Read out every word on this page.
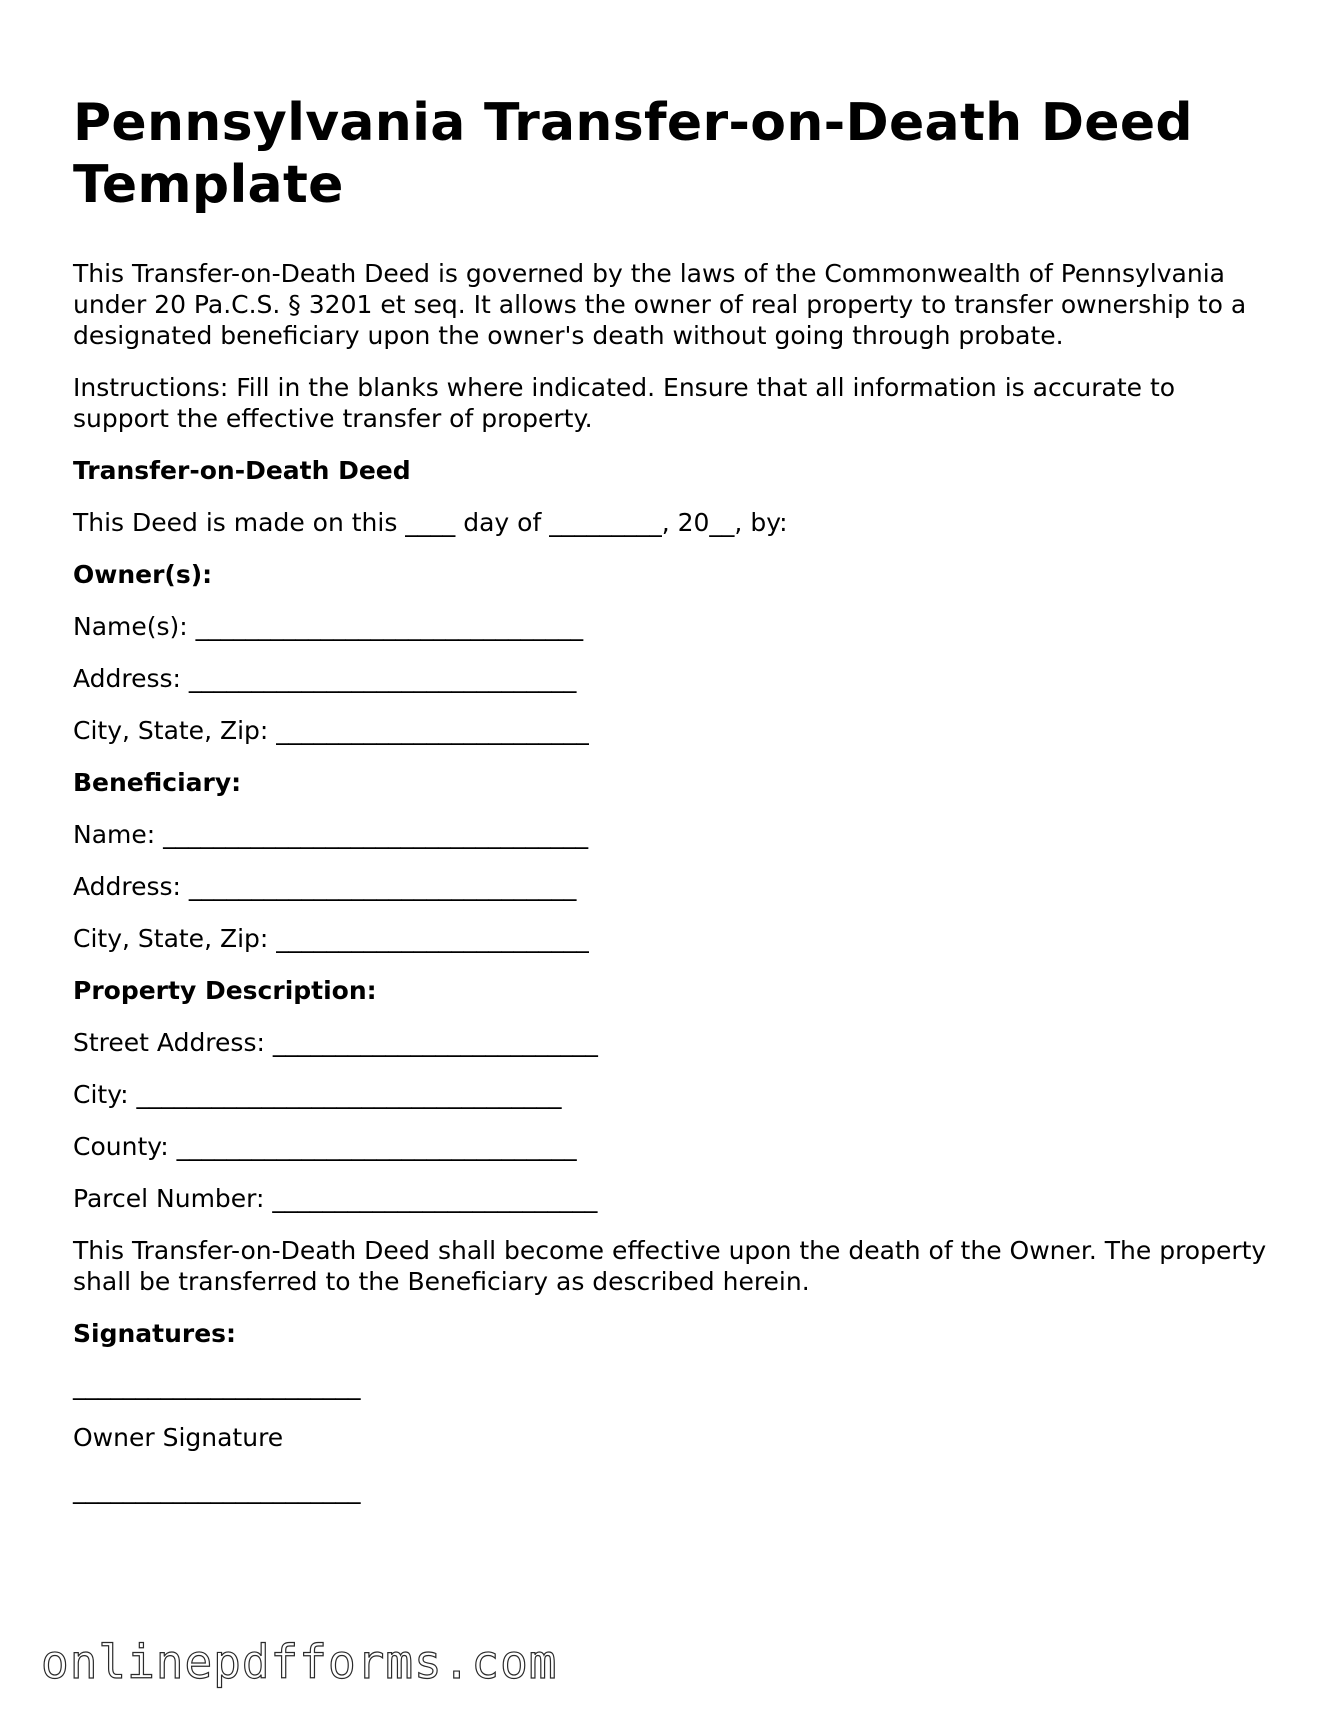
Pennsylvania Transfer-on-Death Deed Template

This Transfer-on-Death Deed is governed by the laws of the Commonwealth of Pennsylvania under 20 Pa.C.S. § 3201 et seq. It allows the owner of real property to transfer ownership to a designated beneficiary upon the owner's death without going through probate.

Instructions: Fill in the blanks where indicated. Ensure that all information is accurate to support the effective transfer of property.

Transfer-on-Death Deed

This Deed is made on this ____ day of _________, 20__, by:

Owner(s):

Name(s): _______________________________

Address: _______________________________

City, State, Zip: _________________________

Beneficiary:

Name: __________________________________

Address: _______________________________

City, State, Zip: _________________________

Property Description:

Street Address: __________________________

City: __________________________________

County: ________________________________

Parcel Number: __________________________

This Transfer-on-Death Deed shall become effective upon the death of the Owner. The property shall be transferred to the Beneficiary as described herein.

Signatures:

_______________________

Owner Signature

_______________________

onlinepdfforms.com
